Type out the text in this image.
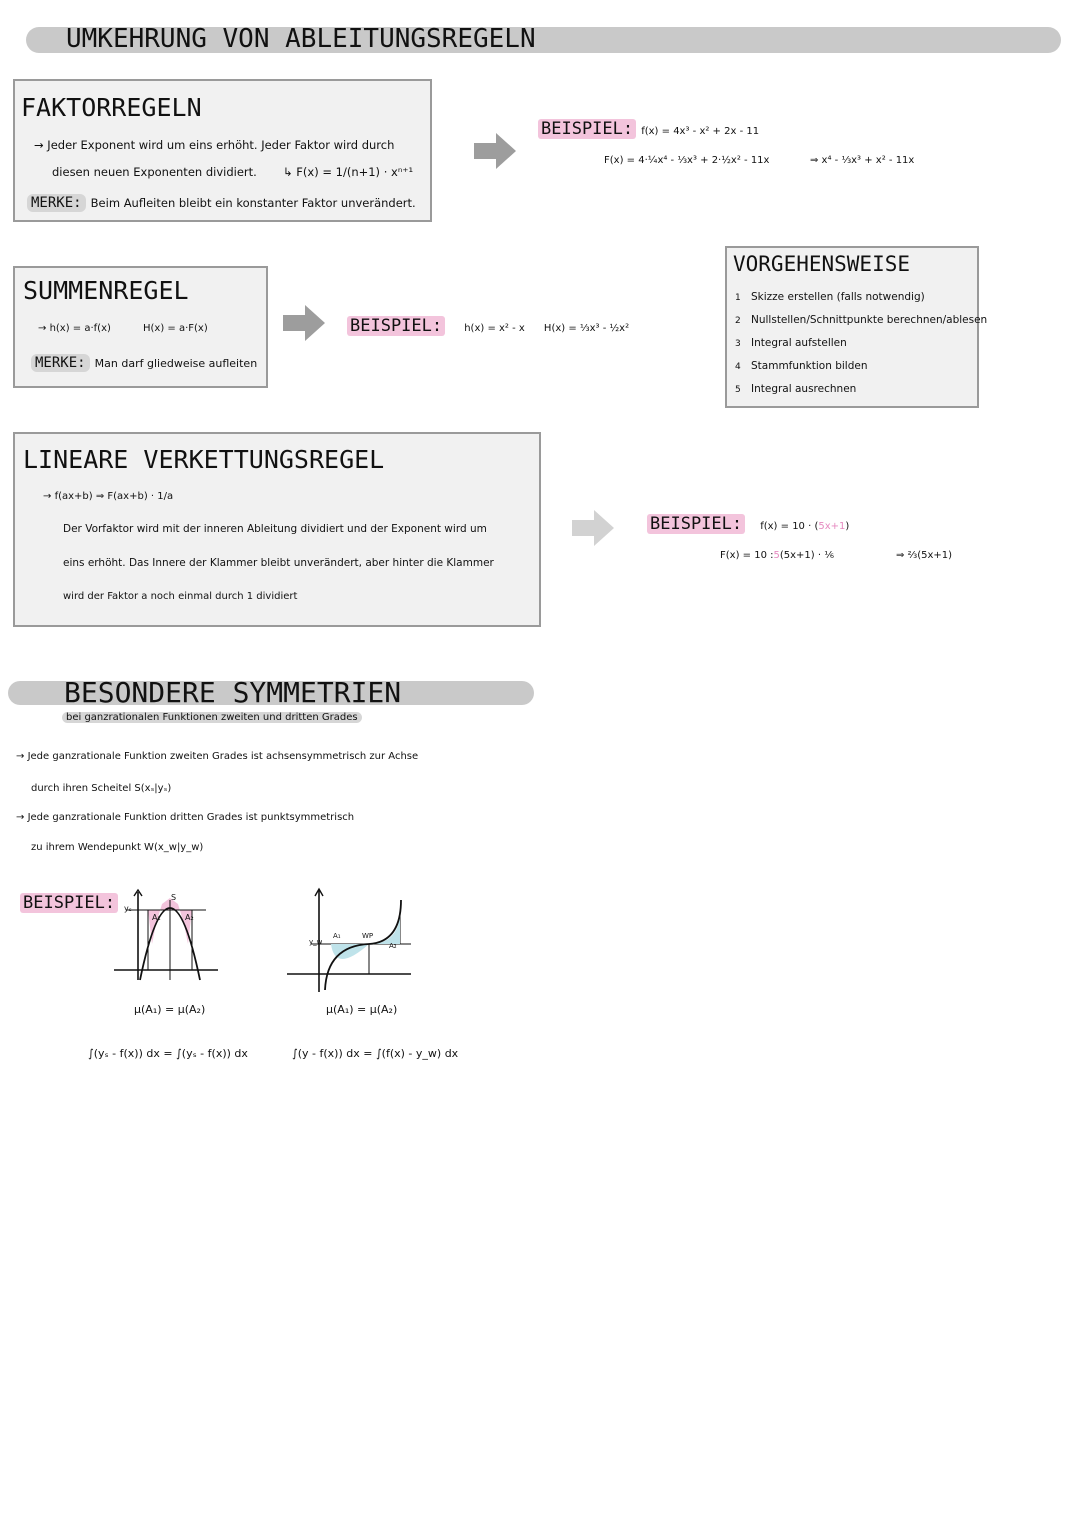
UMKEHRUNG VON ABLEITUNGSREGELN
FAKTORREGELN
→ Jeder Exponent wird um eins erhöht. Jeder Faktor wird durch
diesen neuen Exponenten dividiert. ↳ F(x) = 1/(n+1) · xⁿ⁺¹
MERKE: Beim Aufleiten bleibt ein konstanter Faktor unverändert.
BEISPIEL: f(x) = 4x³ - x² + 2x - 11
F(x) = 4·¼x⁴ - ⅓x³ + 2·½x² - 11x	⇒ x⁴ - ⅓x³ + x² - 11x
VORGEHENSWEISE
1 Skizze erstellen (falls notwendig)
2 Nullstellen/Schnittpunkte berechnen/ablesen
3 Integral aufstellen
4 Stammfunktion bilden
5 Integral ausrechnen
SUMMENREGEL
→ h(x) = a·f(x)	H(x) = a·F(x)
MERKE: Man darf gliedweise aufleiten
BEISPIEL: h(x) = x² - x H(x) = ⅓x³ - ½x²
LINEARE VERKETTUNGSREGEL
→ f(ax+b) ⇒ F(ax+b) · 1/a
Der Vorfaktor wird mit der inneren Ableitung dividiert und der Exponent wird um
eins erhöht. Das Innere der Klammer bleibt unverändert, aber hinter die Klammer
wird der Faktor a noch einmal durch 1 dividiert
BEISPIEL: f(x) = 10 · (5x+1)
F(x) = 10 :5(5x+1) · ⅙	⇒ ⅔(5x+1)
BESONDERE SYMMETRIEN
bei ganzrationalen Funktionen zweiten und dritten Grades
→ Jede ganzrationale Funktion zweiten Grades ist achsensymmetrisch zur Achse
durch ihren Scheitel S(xₛ|yₛ)
→ Jede ganzrationale Funktion dritten Grades ist punktsymmetrisch
zu ihrem Wendepunkt W(x_w|y_w)
BEISPIEL:	yₛ
S
A₁	A₂
μ(A₁) = μ(A₂)
∫(yₛ - f(x)) dx = ∫(yₛ - f(x)) dx
y_w
A₁	WP
A₂
μ(A₁) = μ(A₂)
∫(y - f(x)) dx = ∫(f(x) - y_w) dx
